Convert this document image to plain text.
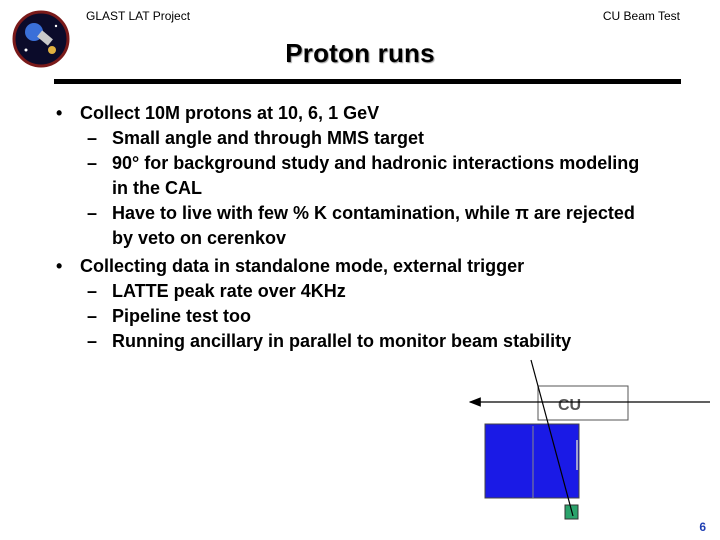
GLAST LAT Project	CU Beam Test
Proton runs
• Collect 10M protons at 10, 6, 1 GeV
– Small angle and through MMS target
– 90° for background study and hadronic interactions modeling in the CAL
– Have to live with few % K contamination, while π are rejected by veto on cerenkov
• Collecting data in standalone mode, external trigger
– LATTE peak rate over 4KHz
– Pipeline test too
– Running ancillary in parallel to monitor beam stability
CU
6
